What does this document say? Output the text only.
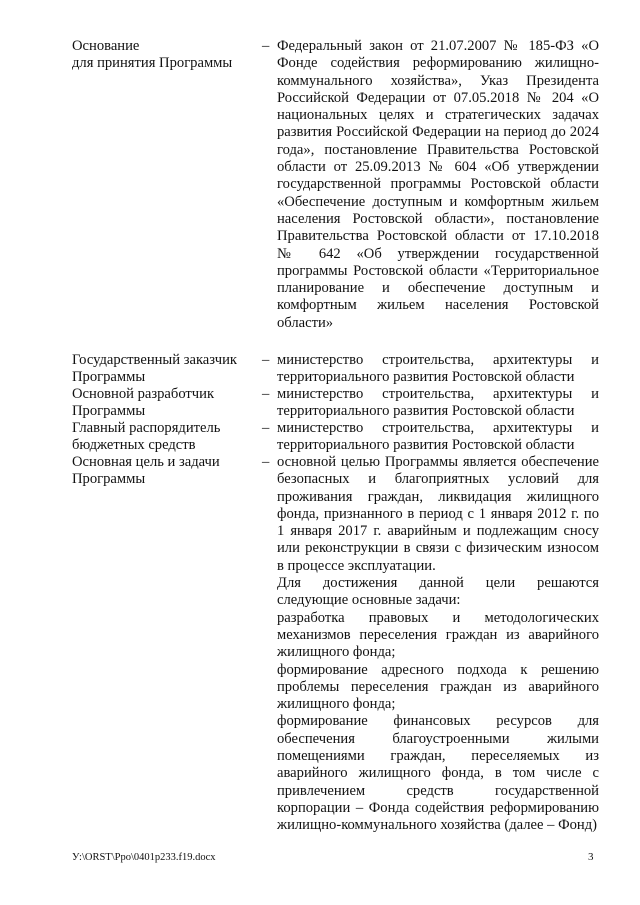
Основание
для принятия Программы
– Федеральный закон от 21.07.2007 № 185-ФЗ «О Фонде содействия реформированию жилищно-коммунального хозяйства», Указ Президента Российской Федерации от 07.05.2018 № 204 «О национальных целях и стратегических задачах развития Российской Федерации на период до 2024 года», постановление Правительства Ростовской области от 25.09.2013 № 604 «Об утверждении государственной программы Ростовской области «Обеспечение доступным и комфортным жильем населения Ростовской области», постановление Правительства Ростовской области от 17.10.2018 № 642 «Об утверждении государственной программы Ростовской области «Территориальное планирование и обеспечение доступным и комфортным жильем населения Ростовской области»

Государственный заказчик Программы
– министерство строительства, архитектуры и территориального развития Ростовской области

Основной разработчик Программы
– министерство строительства, архитектуры и территориального развития Ростовской области

Главный распорядитель бюджетных средств
– министерство строительства, архитектуры и территориального развития Ростовской области

Основная цель и задачи Программы
– основной целью Программы является обеспечение безопасных и благоприятных условий для проживания граждан, ликвидация жилищного фонда, признанного в период с 1 января 2012 г. по 1 января 2017 г. аварийным и подлежащим сносу или реконструкции в связи с физическим износом в процессе эксплуатации.

Для достижения данной цели решаются следующие основные задачи:

разработка правовых и методологических механизмов переселения граждан из аварийного жилищного фонда;

формирование адресного подхода к решению проблемы переселения граждан из аварийного жилищного фонда;

формирование финансовых ресурсов для обеспечения благоустроенными жилыми помещениями граждан, переселяемых из аварийного жилищного фонда, в том числе с привлечением средств государственной корпорации – Фонда содействия реформированию жилищно-коммунального хозяйства (далее – Фонд)

У:\ORST\Ppo\0401p233.f19.docx	3
